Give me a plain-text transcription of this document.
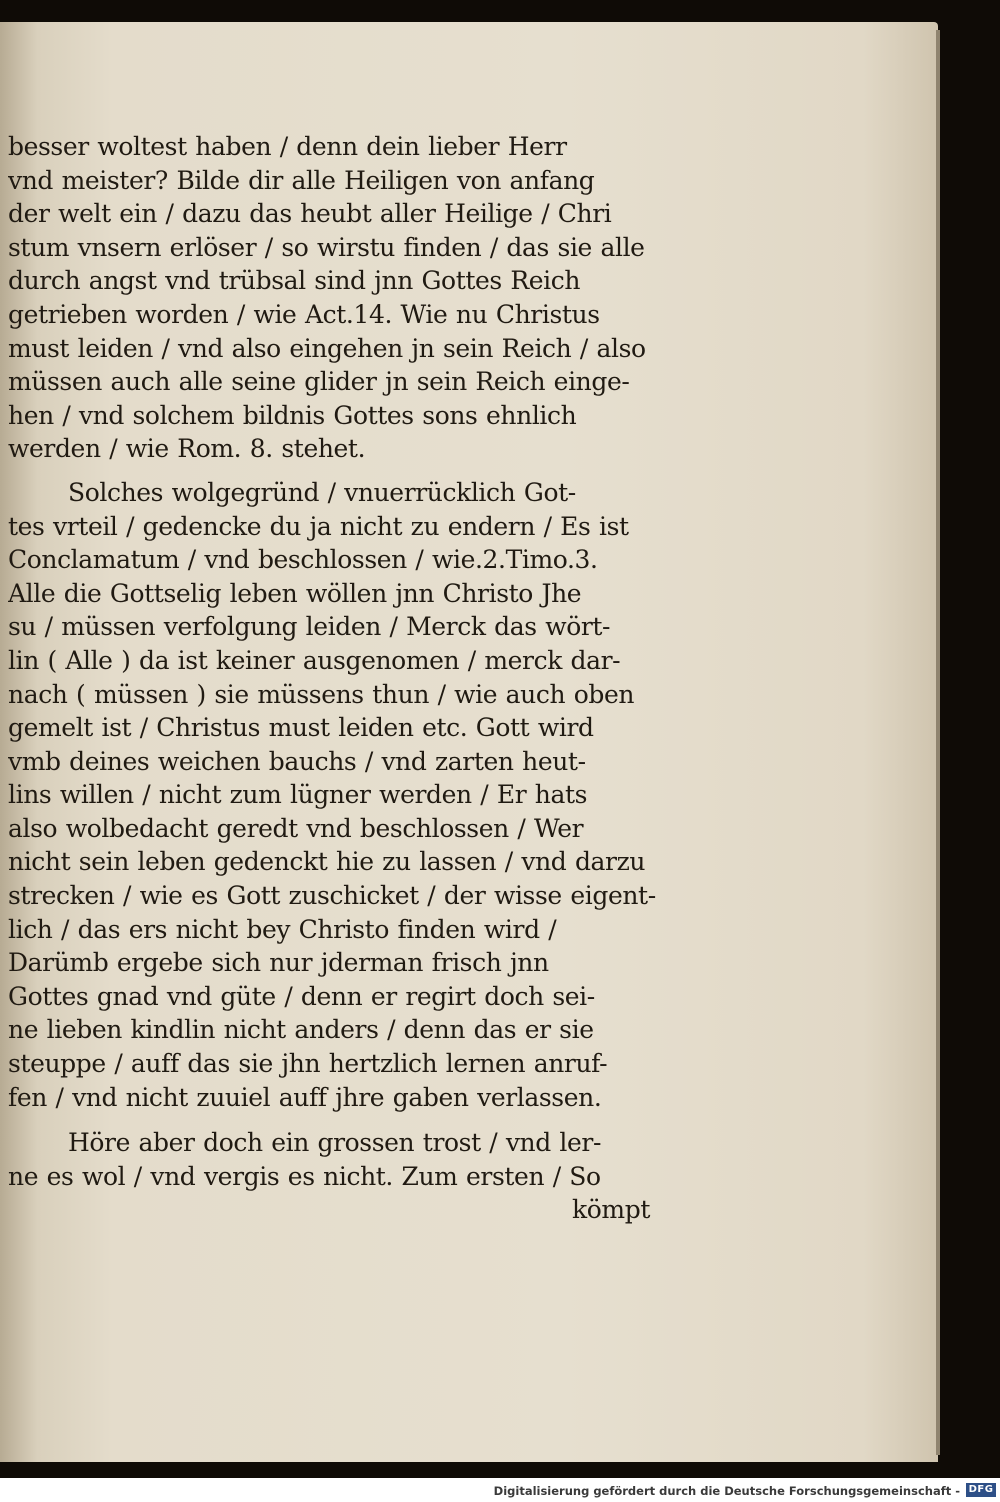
besser woltest haben / denn dein lieber Herr
vnd meister? Bilde dir alle Heiligen von anfang
der welt ein / dazu das heubt aller Heilige / Chri
stum vnsern erlöser / so wirstu finden / das sie alle
durch angst vnd trübsal sind jnn Gottes Reich
getrieben worden / wie Act.14. Wie nu Christus
must leiden / vnd also eingehen jn sein Reich / also
müssen auch alle seine glider jn sein Reich einge-
hen / vnd solchem bildnis Gottes sons ehnlich
werden / wie Rom. 8. stehet.
Solches wolgegründ / vnuerrücklich Got-
tes vrteil / gedencke du ja nicht zu endern / Es ist
Conclamatum / vnd beschlossen / wie.2.Timo.3.
Alle die Gottselig leben wöllen jnn Christo Jhe
su / müssen verfolgung leiden / Merck das wört-
lin ( Alle ) da ist keiner ausgenomen / merck dar-
nach ( müssen ) sie müssens thun / wie auch oben
gemelt ist / Christus must leiden etc. Gott wird
vmb deines weichen bauchs / vnd zarten heut-
lins willen / nicht zum lügner werden / Er hats
also wolbedacht geredt vnd beschlossen / Wer
nicht sein leben gedenckt hie zu lassen / vnd darzu
strecken / wie es Gott zuschicket / der wisse eigent-
lich / das ers nicht bey Christo finden wird /
Darümb ergebe sich nur jderman frisch jnn
Gottes gnad vnd güte / denn er regirt doch sei-
ne lieben kindlin nicht anders / denn das er sie
steuppe / auff das sie jhn hertzlich lernen anruf-
fen / vnd nicht zuuiel auff jhre gaben verlassen.
Höre aber doch ein grossen trost / vnd ler-
ne es wol / vnd vergis es nicht. Zum ersten / So
kömpt
Digitalisierung gefördert durch die Deutsche Forschungsgemeinschaft - DFG
